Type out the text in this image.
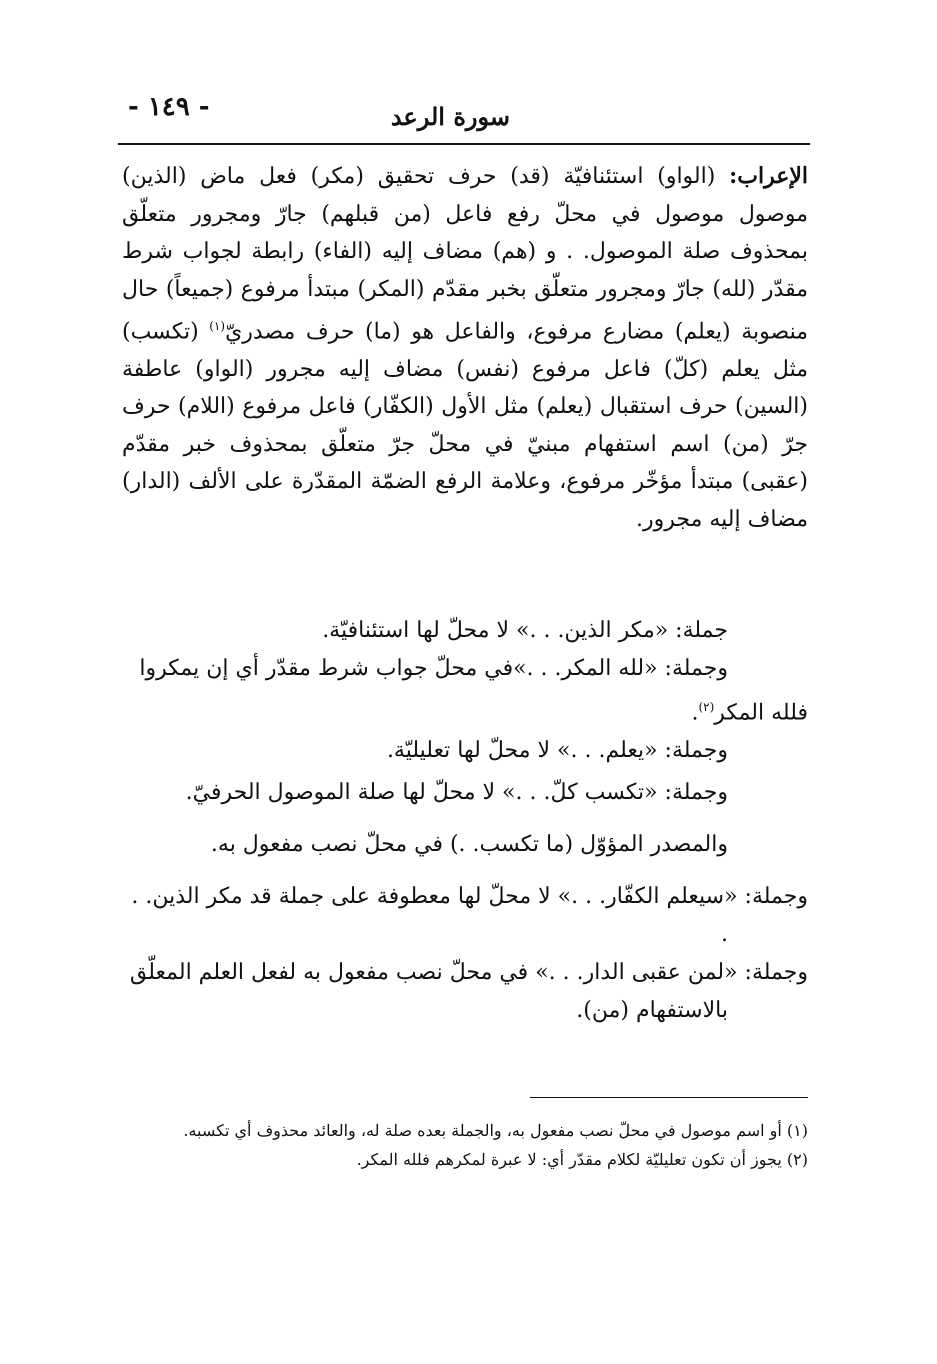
سورة الرعد
- ١٤٩ -

الإعراب: (الواو) استئنافيّة (قد) حرف تحقيق (مكر) فعل ماض (الذين) موصول موصول في محلّ رفع فاعل (من قبلهم) جارّ ومجرور متعلّق بمحذوف صلة الموصول. . و (هم) مضاف إليه (الفاء) رابطة لجواب شرط مقدّر (لله) جارّ ومجرور متعلّق بخبر مقدّم (المكر) مبتدأ مرفوع (جميعاً) حال منصوبة (يعلم) مضارع مرفوع، والفاعل هو (ما) حرف مصدريّ$^{(١)}$ (تكسب) مثل يعلم (كلّ) فاعل مرفوع (نفس) مضاف إليه مجرور (الواو) عاطفة (السين) حرف استقبال (يعلم) مثل الأول (الكفّار) فاعل مرفوع (اللام) حرف جرّ (من) اسم استفهام مبنيّ في محلّ جرّ متعلّق بمحذوف خبر مقدّم (عقبى) مبتدأ مؤخّر مرفوع، وعلامة الرفع الضمّة المقدّرة على الألف (الدار) مضاف إليه مجرور.

جملة: «مكر الذين. . .» لا محلّ لها استئنافيّة.

وجملة: «لله المكر. . .»في محلّ جواب شرط مقدّر أي إن يمكروا فلله المكر$^{(٢)}$.

وجملة: «يعلم. . .» لا محلّ لها تعليليّة.

وجملة: «تكسب كلّ. . .» لا محلّ لها صلة الموصول الحرفيّ.

والمصدر المؤوّل (ما تكسب. .) في محلّ نصب مفعول به.

وجملة: «سيعلم الكفّار. . .» لا محلّ لها معطوفة على جملة قد مكر الذين. . .

وجملة: «لمن عقبى الدار. . .» في محلّ نصب مفعول به لفعل العلم المعلّق بالاستفهام (من).

(١) أو اسم موصول في محلّ نصب مفعول به، والجملة بعده صلة له، والعائد محذوف أي تكسبه.

(٢) يجوز أن تكون تعليليّة لكلام مقدّر أي: لا عبرة لمكرهم فلله المكر.
